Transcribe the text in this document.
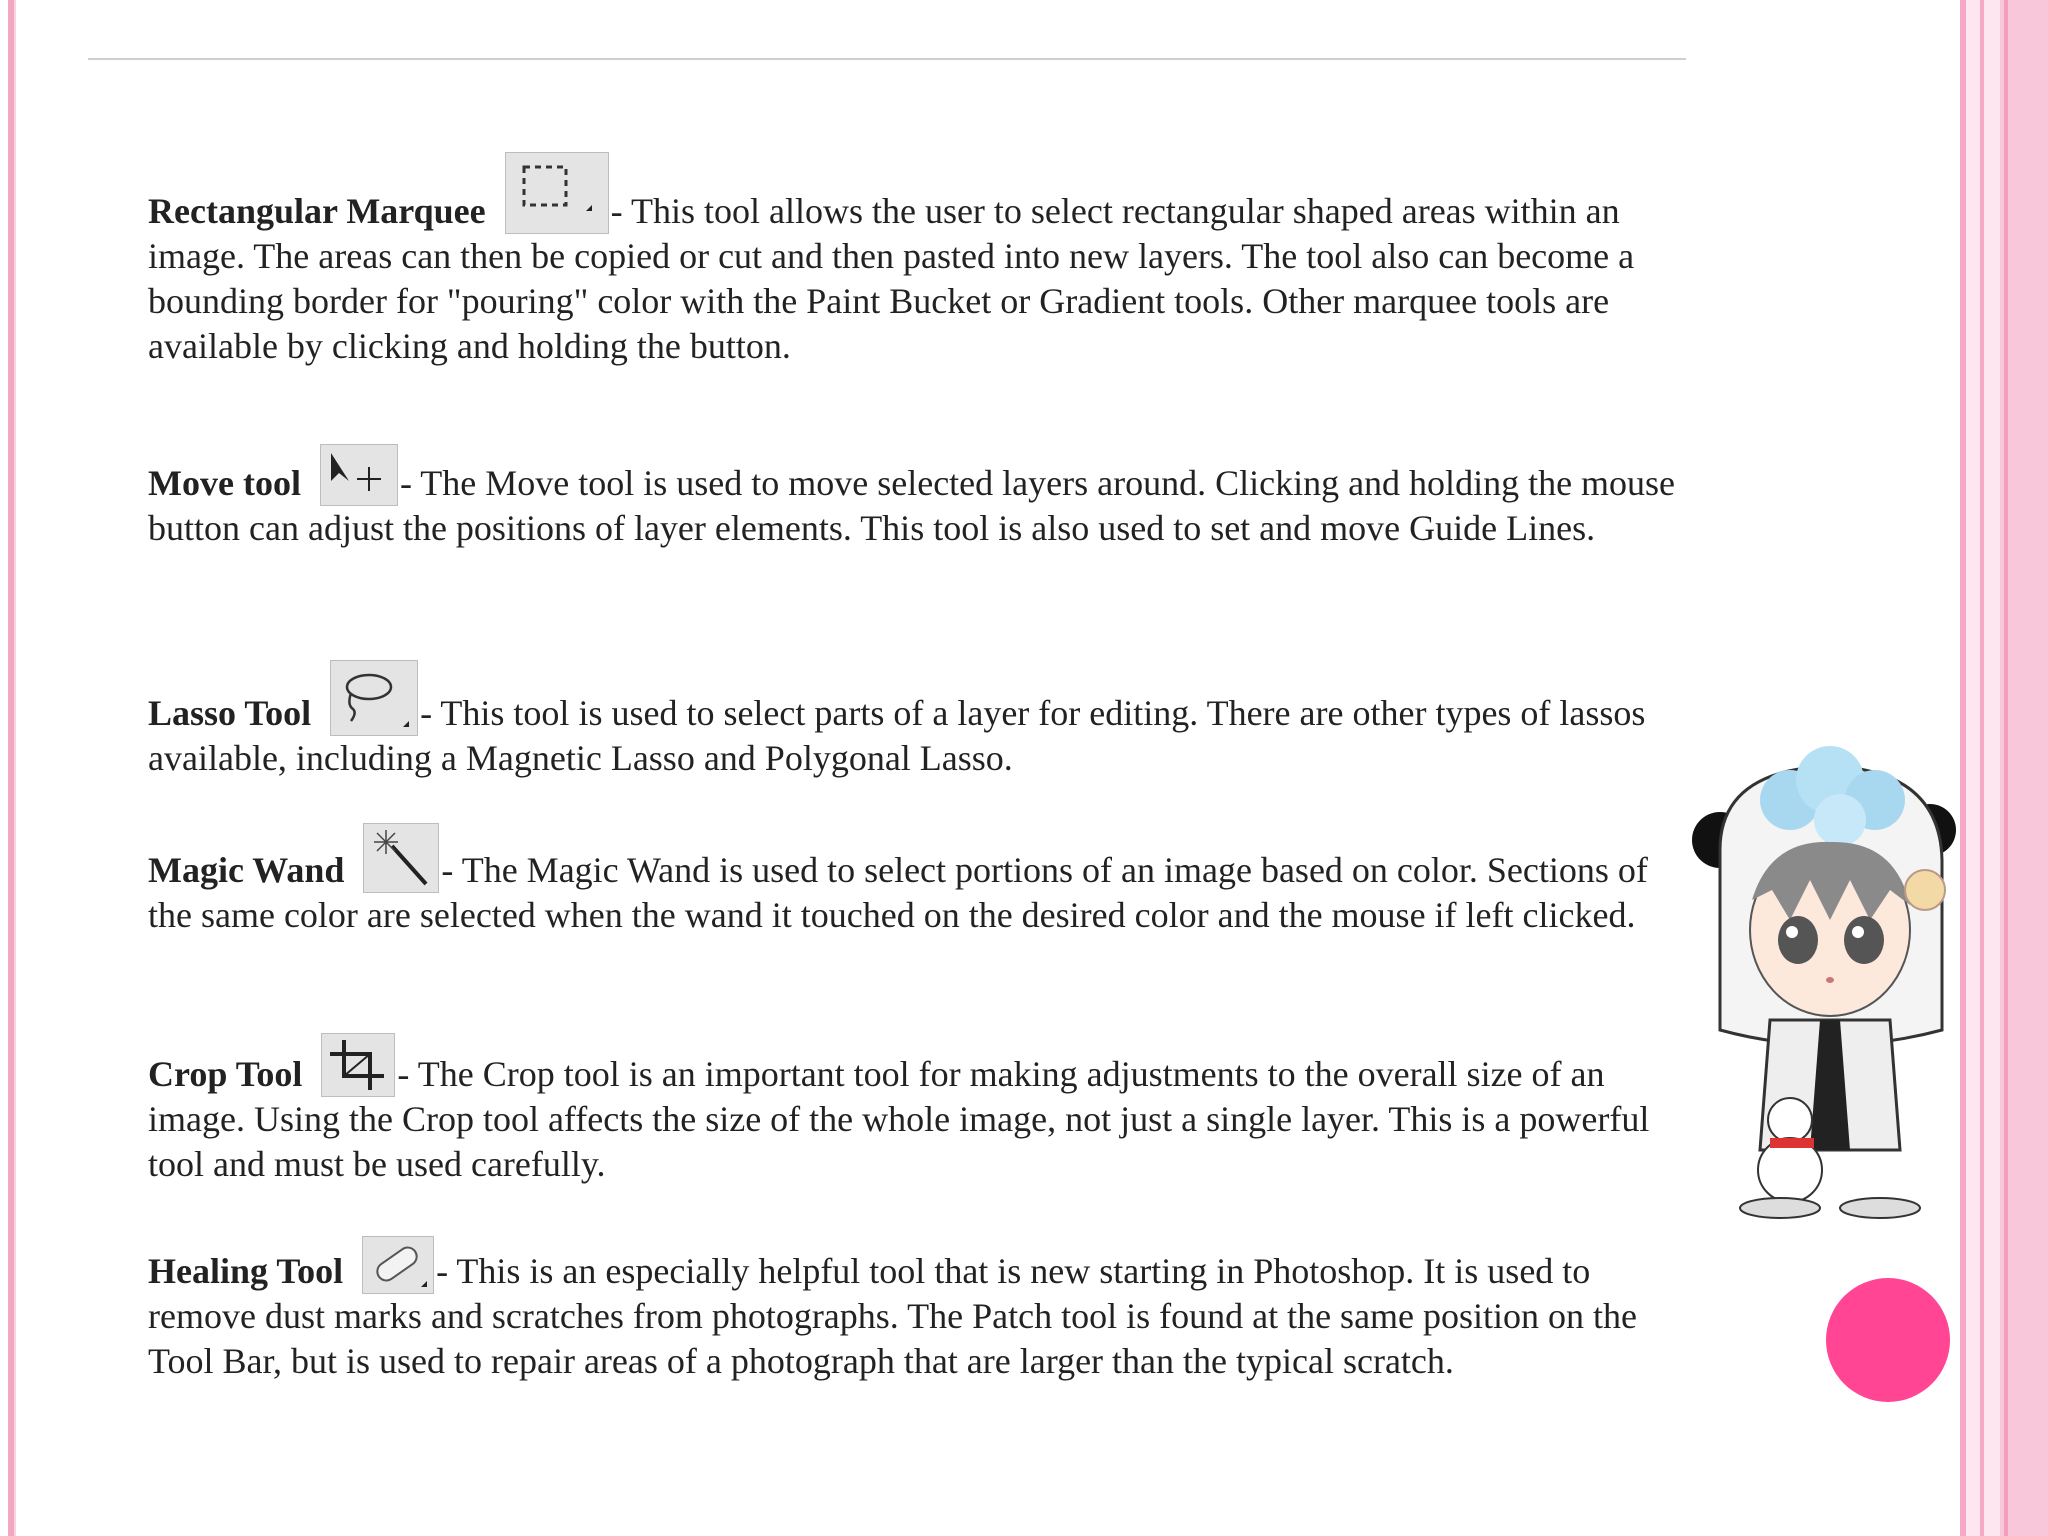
Rectangular Marquee	- This tool allows the user to select rectangular shaped areas within an image. The areas can then be copied or cut and then pasted into new layers. The tool also can become a bounding border for "pouring" color with the Paint Bucket or Gradient tools. Other marquee tools are available by clicking and holding the button.

Move tool	- The Move tool is used to move selected layers around. Clicking and holding the mouse button can adjust the positions of layer elements. This tool is also used to set and move Guide Lines.

Lasso Tool	- This tool is used to select parts of a layer for editing. There are other types of lassos available, including a Magnetic Lasso and Polygonal Lasso.

Magic Wand	- The Magic Wand is used to select portions of an image based on color. Sections of the same color are selected when the wand it touched on the desired color and the mouse if left clicked.

Crop Tool	- The Crop tool is an important tool for making adjustments to the overall size of an image. Using the Crop tool affects the size of the whole image, not just a single layer. This is a powerful tool and must be used carefully.

Healing Tool	- This is an especially helpful tool that is new starting in Photoshop. It is used to remove dust marks and scratches from photographs. The Patch tool is found at the same position on the Tool Bar, but is used to repair areas of a photograph that are larger than the typical scratch.
